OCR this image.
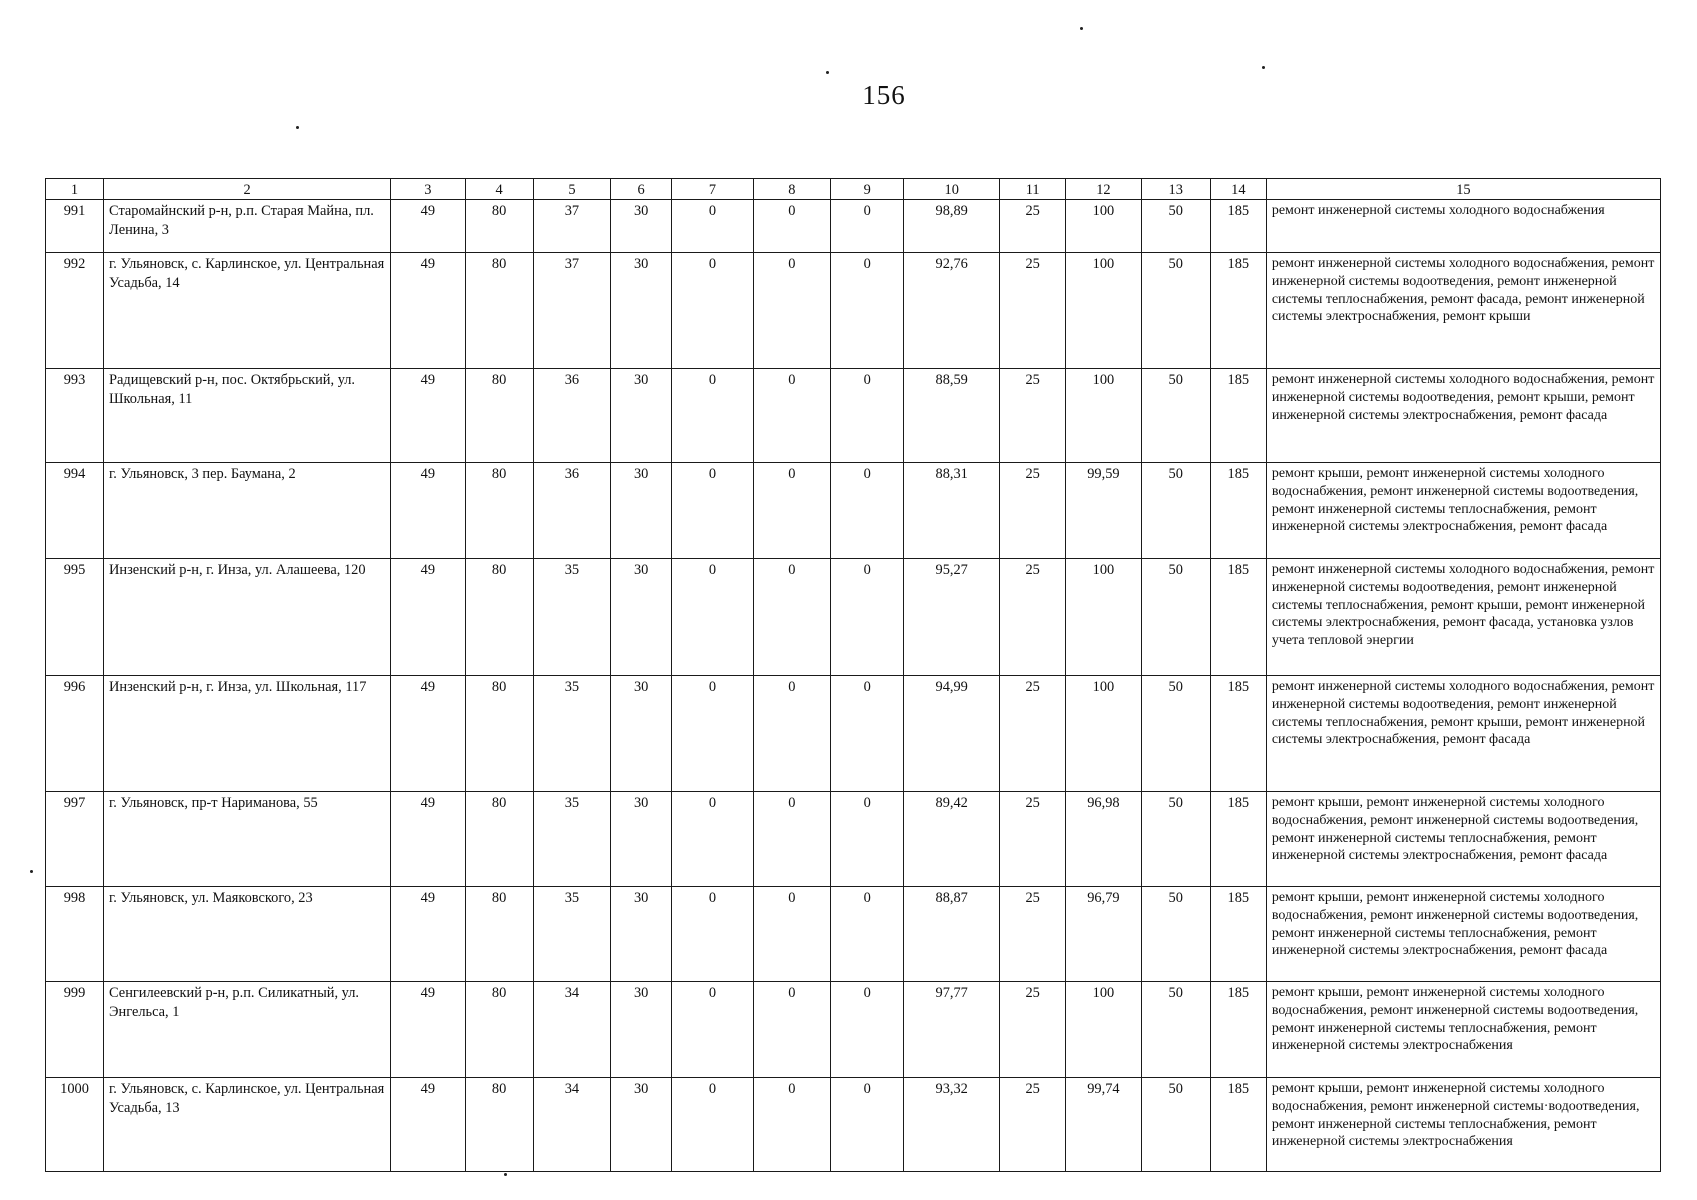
156
1	2	3	4	5	6	7	8	9	10	11	12	13	14	15
991	Старомайнский р-н, р.п. Старая Майна, пл. Ленина, 3	49	80	37	30	0	0	0	98,89	25	100	50	185	ремонт инженерной системы холодного водоснабжения
992	г. Ульяновск, с. Карлинское, ул. Центральная Усадьба, 14	49	80	37	30	0	0	0	92,76	25	100	50	185	ремонт инженерной системы холодного водоснабжения, ремонт инженерной системы водоотведения, ремонт инженерной системы теплоснабжения, ремонт фасада, ремонт инженерной системы электроснабжения, ремонт крыши
993	Радищевский р-н, пос. Октябрьский, ул. Школьная, 11	49	80	36	30	0	0	0	88,59	25	100	50	185	ремонт инженерной системы холодного водоснабжения, ремонт инженерной системы водоотведения, ремонт крыши, ремонт инженерной системы электроснабжения, ремонт фасада
994	г. Ульяновск, 3 пер. Баумана, 2	49	80	36	30	0	0	0	88,31	25	99,59	50	185	ремонт крыши, ремонт инженерной системы холодного водоснабжения, ремонт инженерной системы водоотведения, ремонт инженерной системы теплоснабжения, ремонт инженерной системы электроснабжения, ремонт фасада
995	Инзенский р-н, г. Инза, ул. Алашеева, 120	49	80	35	30	0	0	0	95,27	25	100	50	185	ремонт инженерной системы холодного водоснабжения, ремонт инженерной системы водоотведения, ремонт инженерной системы теплоснабжения, ремонт крыши, ремонт инженерной системы электроснабжения, ремонт фасада, установка узлов учета тепловой энергии
996	Инзенский р-н, г. Инза, ул. Школьная, 117	49	80	35	30	0	0	0	94,99	25	100	50	185	ремонт инженерной системы холодного водоснабжения, ремонт инженерной системы водоотведения, ремонт инженерной системы теплоснабжения, ремонт крыши, ремонт инженерной системы электроснабжения, ремонт фасада
997	г. Ульяновск, пр-т Нариманова, 55	49	80	35	30	0	0	0	89,42	25	96,98	50	185	ремонт крыши, ремонт инженерной системы холодного водоснабжения, ремонт инженерной системы водоотведения, ремонт инженерной системы теплоснабжения, ремонт инженерной системы электроснабжения, ремонт фасада
998	г. Ульяновск, ул. Маяковского, 23	49	80	35	30	0	0	0	88,87	25	96,79	50	185	ремонт крыши, ремонт инженерной системы холодного водоснабжения, ремонт инженерной системы водоотведения, ремонт инженерной системы теплоснабжения, ремонт инженерной системы электроснабжения, ремонт фасада
999	Сенгилеевский р-н, р.п. Силикатный, ул. Энгельса, 1	49	80	34	30	0	0	0	97,77	25	100	50	185	ремонт крыши, ремонт инженерной системы холодного водоснабжения, ремонт инженерной системы водоотведения, ремонт инженерной системы теплоснабжения, ремонт инженерной системы электроснабжения
1000	г. Ульяновск, с. Карлинское, ул. Центральная Усадьба, 13	49	80	34	30	0	0	0	93,32	25	99,74	50	185	ремонт крыши, ремонт инженерной системы холодного водоснабжения, ремонт инженерной системы·водоотведения, ремонт инженерной системы теплоснабжения, ремонт инженерной системы электроснабжения
